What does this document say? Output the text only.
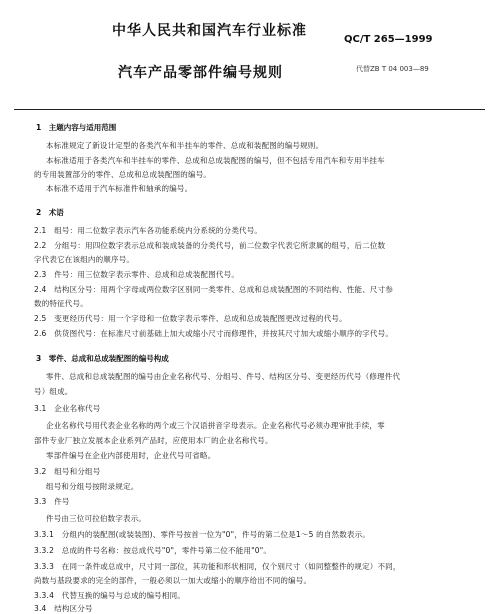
中华人民共和国汽车行业标准
QC/T 265—1999
汽车产品零部件编号规则	代替ZB T 04 003—89
1　主题内容与适用范围
本标准规定了新设计定型的各类汽车和半挂车的零件、总成和装配图的编号规则。
本标准适用于各类汽车和半挂车的零件、总成和总成装配图的编号，但不包括专用汽车和专用半挂车
的专用装置部分的零件、总成和总成装配图的编号。
本标准不适用于汽车标准件和轴承的编号。
2　术语
2.1　组号：用二位数字表示汽车各功能系统内分系统的分类代号。
2.2　分组号：用四位数字表示总成和装成装备的分类代号，前二位数字代表它所隶属的组号，后二位数
字代表它在该组内的顺序号。
2.3　件号：用三位数字表示零件、总成和总成装配图代号。
2.4　结构区分号：用两个字母或两位数字区别同一类零件、总成和总成装配图的不同结构、性能、尺寸参
数的特征代号。
2.5　变更经历代号：用一个字母和一位数字表示零件、总成和总成装配图更改过程的代号。
2.6　供货图代号：在标准尺寸前基础上加大或缩小尺寸而修理件，并按其尺寸加大或缩小顺序的字代号。
3　零件、总成和总成装配图的编号构成
零件、总成和总成装配图的编号由企业名称代号、分组号、件号、结构区分号、变更经历代号（修理件代
号）组成。
3.1　企业名称代号
企业名称代号用代表企业名称的两个或三个汉语拼音字母表示。企业名称代号必须办理审批手续，零
部件专业厂独立发展本企业系列产品时，应使用本厂的企业名称代号。
零部件编号在企业内部使用时，企业代号可省略。
3.2　组号和分组号
组号和分组号按附录规定。
3.3　件号
件号由三位可拉伯数字表示。
3.3.1　分组内的装配图(或装装图)、零件号按首一位为"0"，件号的第二位是1～5 的自然数表示。
3.3.2　总成的件号名称：按总成代号"0"，零件号第二位不能用"0"。
3.3.3　在同一条件或总成中，尺寸同一部位，其功能和形状相同，仅个别尺寸（如同整整件的规定）不同，
尚数与基段要求的完全的部件，一般必须以一加大或缩小的顺序给出不同的编号。
3.3.4　代替互换的编号与总成的编号相同。
3.4　结构区分号
